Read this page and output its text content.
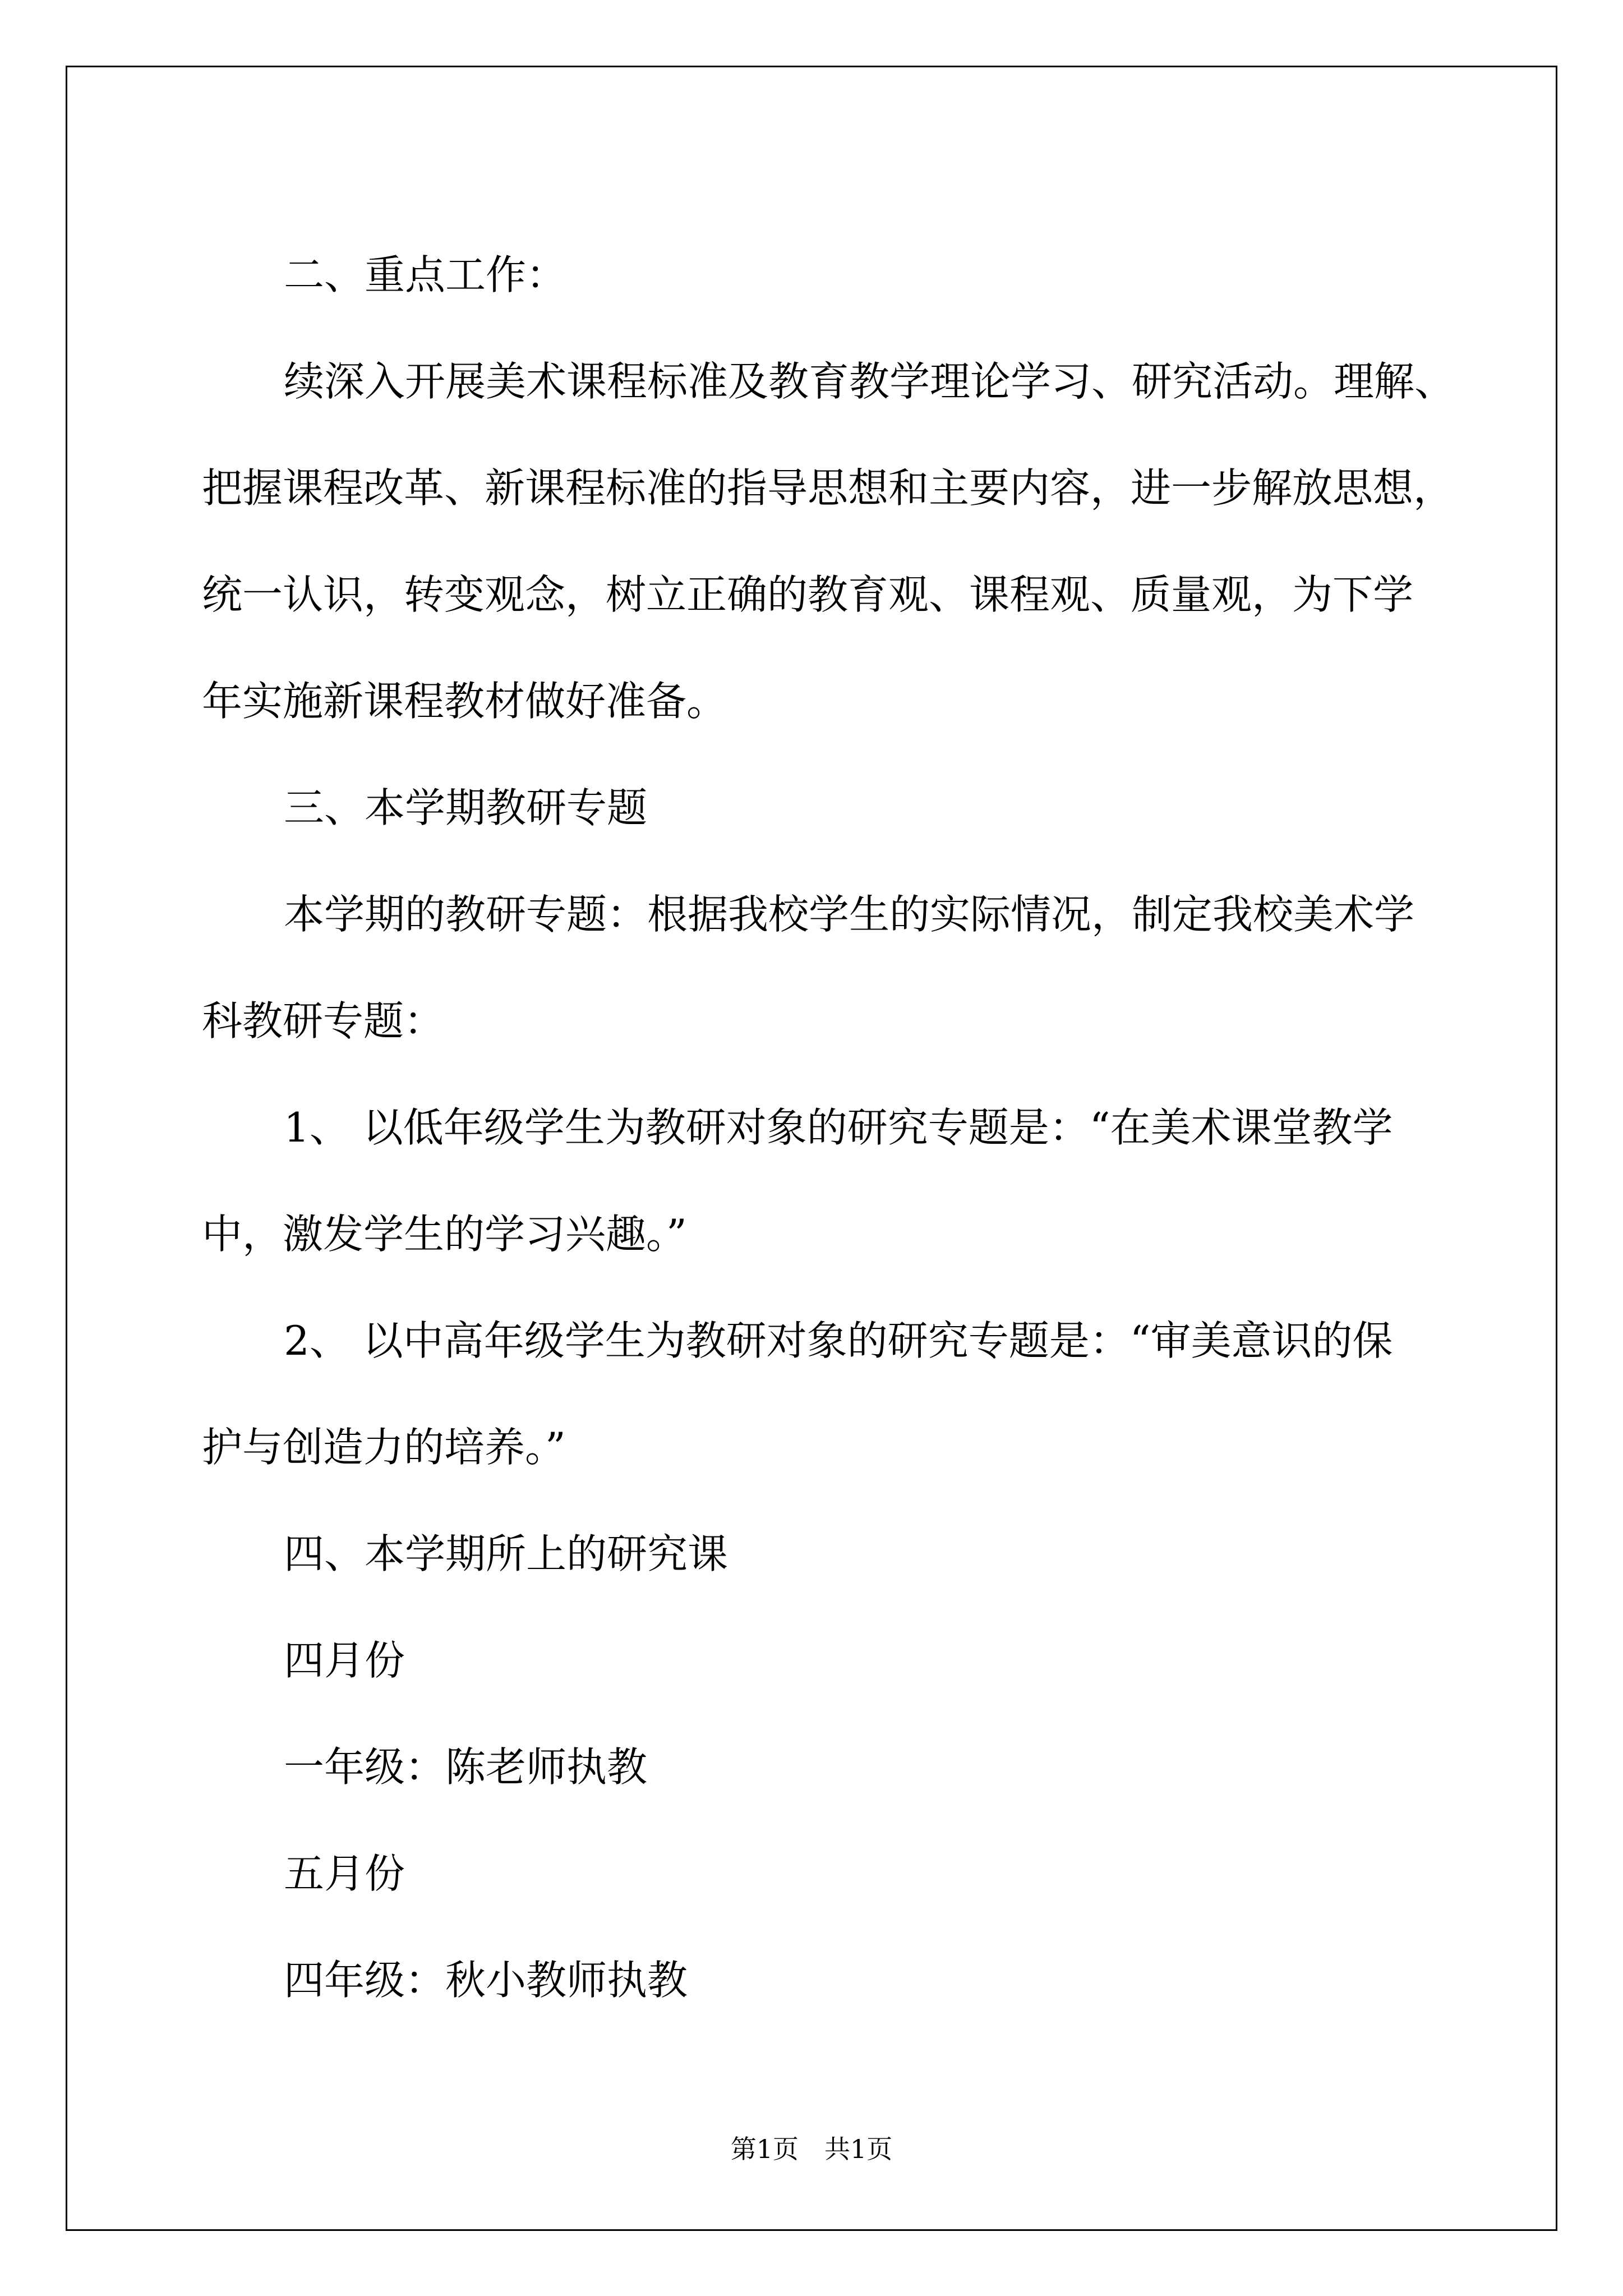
二、重点工作：

续深入开展美术课程标准及教育教学理论学习、研究活动。理解、

把握课程改革、新课程标准的指导思想和主要内容，进一步解放思想，

统一认识，转变观念，树立正确的教育观、课程观、质量观，为下学

年实施新课程教材做好准备。

三、本学期教研专题

本学期的教研专题：根据我校学生的实际情况，制定我校美术学

科教研专题：

1、 以低年级学生为教研对象的研究专题是：“在美术课堂教学

中，激发学生的学习兴趣。”

2、 以中高年级学生为教研对象的研究专题是：“审美意识的保

护与创造力的培养。”

四、本学期所上的研究课

四月份

一年级：陈老师执教

五月份

四年级：秋小教师执教

第1页　共1页
